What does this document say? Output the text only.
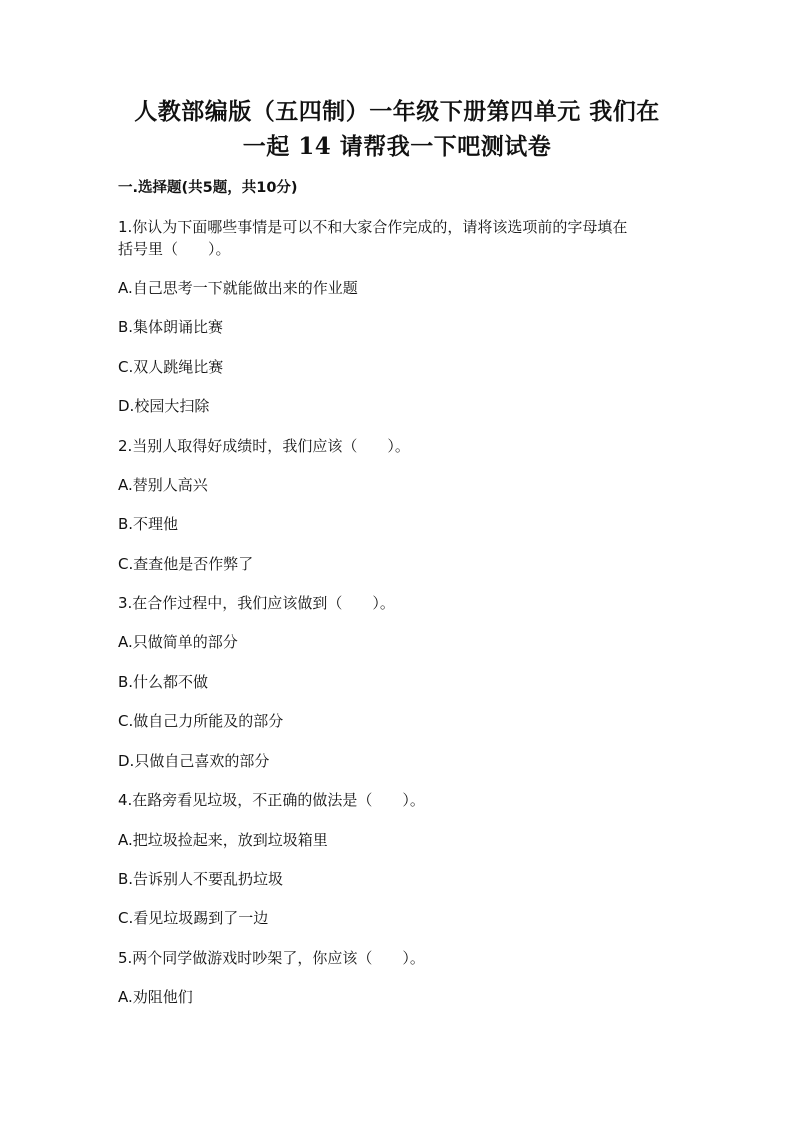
人教部编版（五四制）一年级下册第四单元 我们在
一起 14 请帮我一下吧测试卷
一.选择题(共5题，共10分)
1.你认为下面哪些事情是可以不和大家合作完成的，请将该选项前的字母填在
括号里（　　）。
A.自己思考一下就能做出来的作业题
B.集体朗诵比赛
C.双人跳绳比赛
D.校园大扫除
2.当别人取得好成绩时，我们应该（　　）。
A.替别人高兴
B.不理他
C.查查他是否作弊了
3.在合作过程中，我们应该做到（　　）。
A.只做简单的部分
B.什么都不做
C.做自己力所能及的部分
D.只做自己喜欢的部分
4.在路旁看见垃圾，不正确的做法是（　　）。
A.把垃圾捡起来，放到垃圾箱里
B.告诉别人不要乱扔垃圾
C.看见垃圾踢到了一边
5.两个同学做游戏时吵架了，你应该（　　）。
A.劝阻他们
